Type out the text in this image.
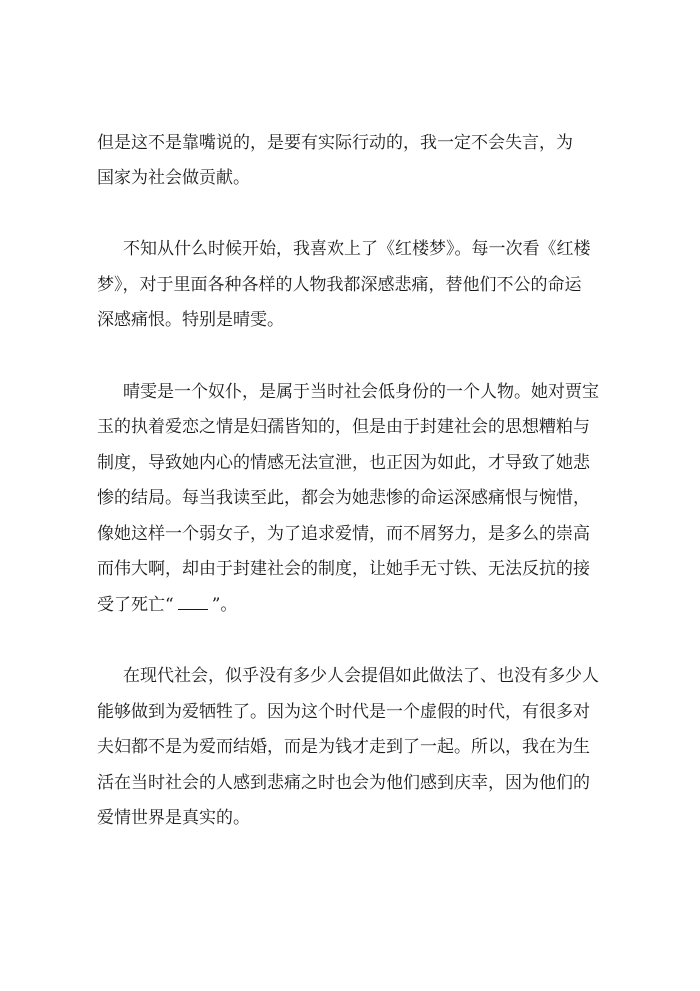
但是这不是靠嘴说的，是要有实际行动的，我一定不会失言，为
国家为社会做贡献。
不知从什么时候开始，我喜欢上了《红楼梦》。每一次看《红楼
梦》，对于里面各种各样的人物我都深感悲痛，替他们不公的命运
深感痛恨。特别是晴雯。
晴雯是一个奴仆，是属于当时社会低身份的一个人物。她对贾宝
玉的执着爱恋之情是妇孺皆知的，但是由于封建社会的思想糟粕与
制度，导致她内心的情感无法宣泄，也正因为如此，才导致了她悲
惨的结局。每当我读至此，都会为她悲惨的命运深感痛恨与惋惜，
像她这样一个弱女子，为了追求爱情，而不屑努力，是多么的崇高
而伟大啊，却由于封建社会的制度，让她手无寸铁、无法反抗的接
受了死亡“ ”。
在现代社会，似乎没有多少人会提倡如此做法了、也没有多少人
能够做到为爱牺牲了。因为这个时代是一个虚假的时代，有很多对
夫妇都不是为爱而结婚，而是为钱才走到了一起。所以，我在为生
活在当时社会的人感到悲痛之时也会为他们感到庆幸，因为他们的
爱情世界是真实的。
